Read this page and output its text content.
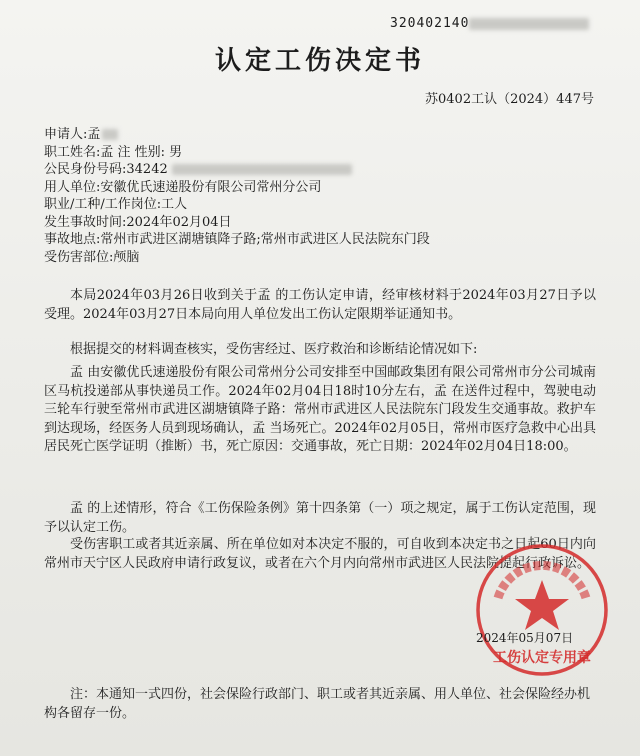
320402140
认定工伤决定书
苏0402工认（2024）447号
申请人:孟
职工姓名:孟 注 性别: 男
公民身份号码:34242
用人单位:安徽优氏速递股份有限公司常州分公司
职业/工种/工作岗位:工人
发生事故时间:2024年02月04日
事故地点:常州市武进区湖塘镇降子路;常州市武进区人民法院东门段
受伤害部位:颅脑
本局2024年03月26日收到关于孟 的工伤认定申请，经审核材料于2024年03月27日予以受理。2024年03月27日本局向用人单位发出工伤认定限期举证通知书。
根据提交的材料调查核实，受伤害经过、医疗救治和诊断结论情况如下:
孟 由安徽优氏速递股份有限公司常州分公司安排至中国邮政集团有限公司常州市分公司城南区马杭投递部从事快递员工作。2024年02月04日18时10分左右，孟 在送件过程中，驾驶电动三轮车行驶至常州市武进区湖塘镇降子路：常州市武进区人民法院东门段发生交通事故。救护车到达现场，经医务人员到现场确认，孟 当场死亡。2024年02月05日，常州市医疗急救中心出具居民死亡医学证明（推断）书，死亡原因：交通事故，死亡日期：2024年02月04日18:00。
孟 的上述情形，符合《工伤保险条例》第十四条第（一）项之规定，属于工伤认定范围，现予以认定工伤。
受伤害职工或者其近亲属、所在单位如对本决定不服的，可自收到本决定书之日起60日内向常州市天宁区人民政府申请行政复议，或者在六个月内向常州市武进区人民法院提起行政诉讼。
工伤认定专用章
2024年05月07日
注：本通知一式四份，社会保险行政部门、职工或者其近亲属、用人单位、社会保险经办机构各留存一份。
